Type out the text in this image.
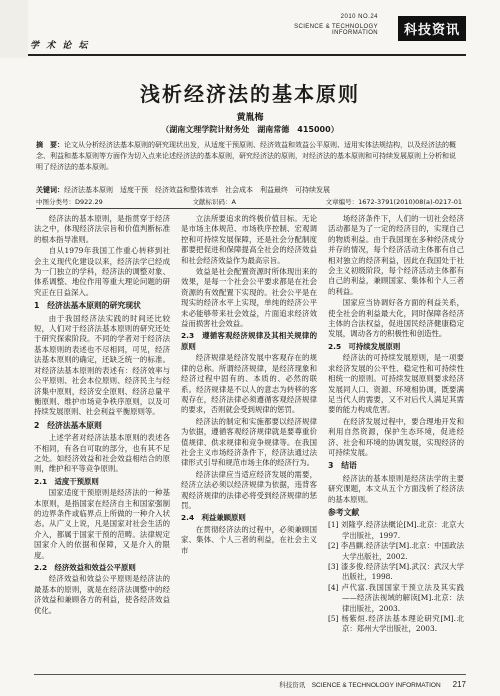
学 术 论 坛
2010 NO.24
SCIENCE & TECHNOLOGY INFORMATION	科技资讯
浅析经济法的基本原则
黄胤梅
（湖南文理学院计财务处　湖南常德　415000）
摘　要：论文从分析经济法基本原则的研究现状出发，从适度干预原则、经济效益和效益公平原则、适用实体法规结构，以及经济法的概念、利益和基本原则等方面作为切入点来论述经济法的基本原则，研究经济法的原则，对经济法的基本原则和可持续发展原则上分析和说明了经济法的基本原则。
关键词：经济法基本原则　适度干预　经济效益和整体效率　社会成本　利益最终　可持续发展
中图分类号：D922.29	文献标识码：A	文章编号：1672-3791(2010)08(a)-0217-01

经济法的基本原则，是指贯穿于经济法之中，体现经济法宗旨和价值判断标准的根本指导准则。

自从1979年我国工作重心转移到社会主义现代化建设以来，经济法学已经成为一门独立的学科，经济法的调整对象、体系调整、地位作用等重大理论问题的研究正在日益深入。

1　经济法基本原则的研究现状

由于我国经济法实践的时间还比较短，人们对于经济法基本原则的研究还处于研究探索阶段。不同的学者对于经济法基本原则的表述也不尽相同，可见，经济法基本原则的确定，还缺乏统一的标准。对经济法基本原则的表述有：经济效率与公平原则、社会本位原则、经济民主与经济集中原则，经济安全原则、经济总量平衡原则、维护市场竞争秩序原则，以及可持续发展原则、社会利益平衡原则等。

2　经济法基本原则

上述学者对经济法基本原则的表述各不相同，有各自可取的部分，也有其不足之处。如经济效益和社会效益相结合的原则，维护和平等竞争原则。

2.1　适度干预原则

国家适度干预原则是经济法的一种基本原则，是指国家在经济自主和国家强制的边界条件或临界点上所做的一种介入状态。从广义上说，凡是国家对社会生活的介入，都属于国家干预的范畴。法律规定国家介入的依据和保障，又是介入的限度。

2.2　经济效益和效益公平原则

经济效益和效益公平原则是经济法的最基本的原则，就是在经济法调整中的经济效益和兼顾各方的利益，使各经济效益优化。

立法所要追求的终极价值目标。无论是市场主体规范、市场秩序控制、宏观调控和可持续发展保障，还是社会分配制度都要把促进和保障提高全社会的经济效益和社会经济效益作为最高宗旨。

效益是社会配置资源时所体现出来的效果，是每一个社会公平要求都是在社会资源的有效配置下实现的。社会公平是在现实的经济水平上实现，单纯的经济公平未必能够带来社会效益，片面追求经济效益而损害社会效益。

2.3　遵循客观经济规律及其相关规律的原则

经济规律是经济发展中客观存在的规律的总称。所谓经济规律，是经济现象和经济过程中固有的、本质的、必然的联系。经济规律是不以人的意志为转移的客观存在，经济法律必须遵循客观经济规律的要求，否则就会受到规律的惩罚。

经济法的制定和实施都要以经济规律为依据，遵循客观经济规律就是要尊重价值规律、供求规律和竞争规律等。在我国社会主义市场经济条件下，经济法通过法律形式引导和规范市场主体的经济行为。

经济法律应当适应经济发展的需要，经济立法必须以经济规律为依据，违背客观经济规律的法律必将受到经济规律的惩罚。

2.4　利益兼顾原则

在贯彻经济法的过程中，必须兼顾国家、集体、个人三者的利益，在社会主义市

场经济条件下，人们的一切社会经济活动都是为了一定的经济目的，实现自己的物质利益。由于我国现在多种经济成分并存的情况，每个经济活动主体都有自己相对独立的经济利益，因此在我国处于社会主义初级阶段，每个经济活动主体都有自己的利益，兼顾国家、集体和个人三者的利益。

国家应当协调好各方面的利益关系，使全社会的利益最大化，同时保障各经济主体的合法权益，促进国民经济健康稳定发展，调动各方的积极性和创造性。

2.5　可持续发展原则

经济法的可持续发展原则，是一项要求经济发展的公平性、稳定性和可持续性相统一的原则。可持续发展原则要求经济发展同人口、资源、环境相协调，既要满足当代人的需要，又不对后代人满足其需要的能力构成危害。

在经济发展过程中，要合理地开发和利用自然资源，保护生态环境，促进经济、社会和环境的协调发展，实现经济的可持续发展。

3　结语

经济法的基本原则是经济法学的主要研究课题，本文从五个方面浅析了经济法的基本原则。

参考文献

[1] 刘隆亨.经济法概论[M].北京：北京大学出版社，1997.

[2] 李昌麒.经济法学[M].北京：中国政法大学出版社，2002.

[3] 漆多俊.经济法学[M].武汉：武汉大学出版社，1998.

[4] 卢代富.我国国家干预立法及其实践——经济法视域的解读[M].北京：法律出版社，2003.

[5] 杨紫烜.经济法基本理论研究[M].北京：郑州大学出版社，2003.

科技资讯　SCIENCE & TECHNOLOGY INFORMATION 217
